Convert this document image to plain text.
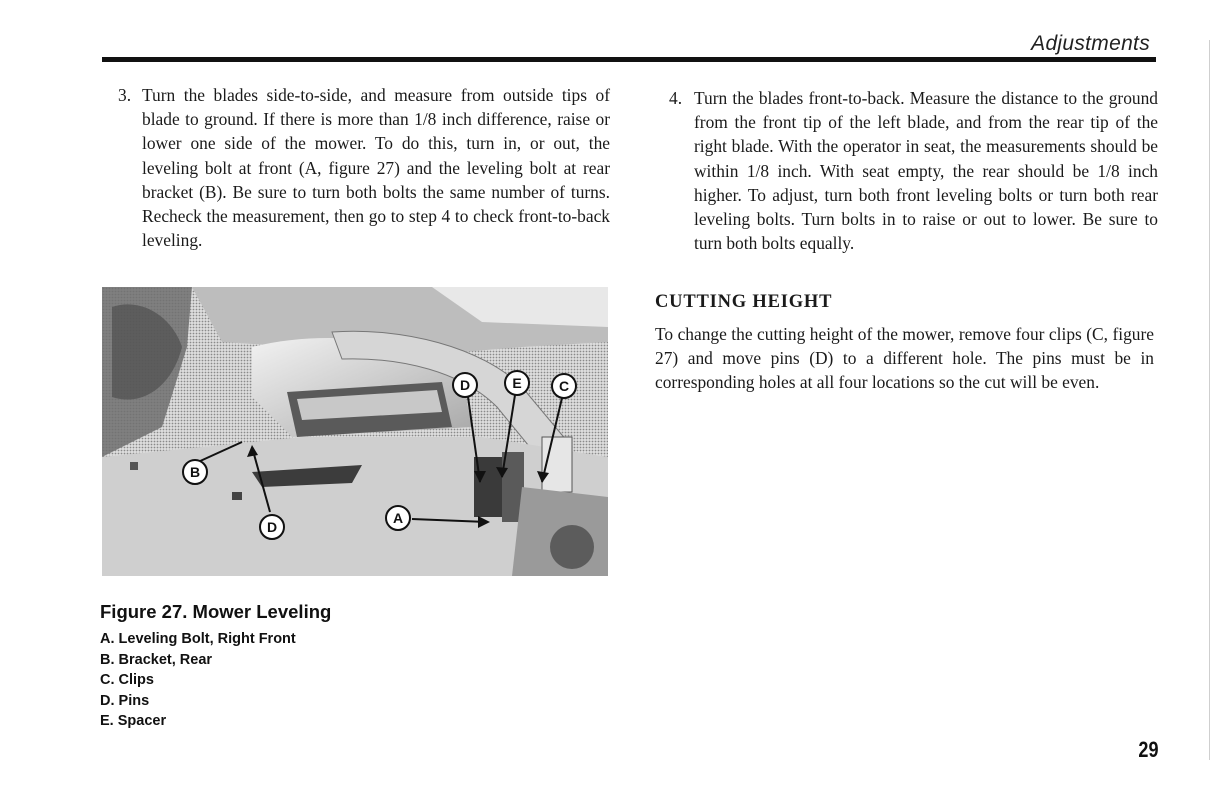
Adjustments
3. Turn the blades side-to-side, and measure from outside tips of blade to ground. If there is more than 1/8 inch difference, raise or lower one side of the mower. To do this, turn in, or out, the leveling bolt at front (A, figure 27) and the leveling bolt at rear bracket (B). Be sure to turn both bolts the same number of turns. Recheck the measurement, then go to step 4 to check front-to-back leveling.
4. Turn the blades front-to-back. Measure the distance to the ground from the front tip of the left blade, and from the rear tip of the right blade. With the operator in seat, the measurements should be within 1/8 inch. With seat empty, the rear should be 1/8 inch higher. To adjust, turn both front leveling bolts or turn both rear leveling bolts. Turn bolts in to raise or out to lower. Be sure to turn both bolts equally.
CUTTING HEIGHT
To change the cutting height of the mower, remove four clips (C, figure 27) and move pins (D) to a different hole. The pins must be in corresponding holes at all four locations so the cut will be even.
D	E	C
B
D
A
Figure 27. Mower Leveling
A. Leveling Bolt, Right Front
B. Bracket, Rear
C. Clips
D. Pins
E. Spacer
29
